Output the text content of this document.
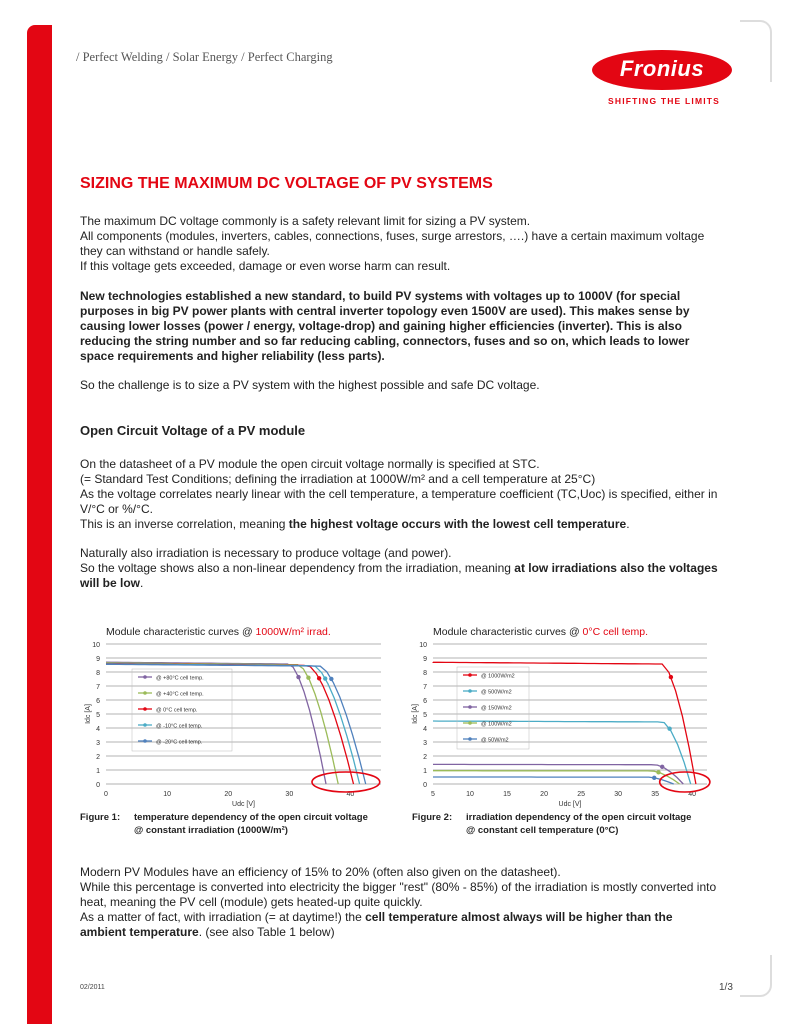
/ Perfect Welding / Solar Energy / Perfect Charging	Fronius
SHIFTING THE LIMITS
SIZING THE MAXIMUM DC VOLTAGE OF PV SYSTEMS

The maximum DC voltage commonly is a safety relevant limit for sizing a PV system.

All components (modules, inverters, cables, connections, fuses, surge arrestors, ….) have a certain maximum voltage they can withstand or handle safely.

If this voltage gets exceeded, damage or even worse harm can result.

New technologies established a new standard, to build PV systems with voltages up to 1000V (for special purposes in big PV power plants with central inverter topology even 1500V are used). This makes sense by causing lower losses (power / energy, voltage-drop) and gaining higher efficiencies (inverter). This is also reducing the string number and so far reducing cabling, connectors, fuses and so on, which leads to lower space requirements and higher reliability (less parts).
So the challenge is to size a PV system with the highest possible and safe DC voltage.
Open Circuit Voltage of a PV module

On the datasheet of a PV module the open circuit voltage normally is specified at STC.

(= Standard Test Conditions; defining the irradiation at 1000W/m² and a cell temperature at 25°C)

As the voltage correlates nearly linear with the cell temperature, a temperature coefficient (TC,Uoc) is specified, either in V/°C or %/°C.

This is an inverse correlation, meaning the highest voltage occurs with the lowest cell temperature.

Naturally also irradiation is necessary to produce voltage (and power).

So the voltage shows also a non-linear dependency from the irradiation, meaning at low irradiations also the voltages will be low.

Module characteristic curves @ 1000W/m² irrad.
0
1
2
3
4
5
6
7
8
9
10
0	10	20	30	40
Udc [V]
Idc [A]
@ +80°C cell temp.
@ +40°C cell temp.
@ 0°C cell temp.
@ -10°C cell temp.
@ -20°C cell temp.
Figure 1: temperature dependency of the open circuit voltage
@ constant irradiation (1000W/m²)
Module characteristic curves @ 0°C cell temp.
0
1
2
3
4
5
6
7
8
9
10
5	10	15	20	25	30	35	40
Udc [V]
Idc [A]
@ 1000W/m2
@ 500W/m2
@ 150W/m2
@ 100W/m2
@ 50W/m2
Figure 2: irradiation dependency of the open circuit voltage
@ constant cell temperature (0°C)

Modern PV Modules have an efficiency of 15% to 20% (often also given on the datasheet).

While this percentage is converted into electricity the bigger "rest" (80% - 85%) of the irradiation is mostly converted into heat, meaning the PV cell (module) gets heated-up quite quickly.

As a matter of fact, with irradiation (= at daytime!) the cell temperature almost always will be higher than the ambient temperature. (see also Table 1 below)

02/2011	1/3
